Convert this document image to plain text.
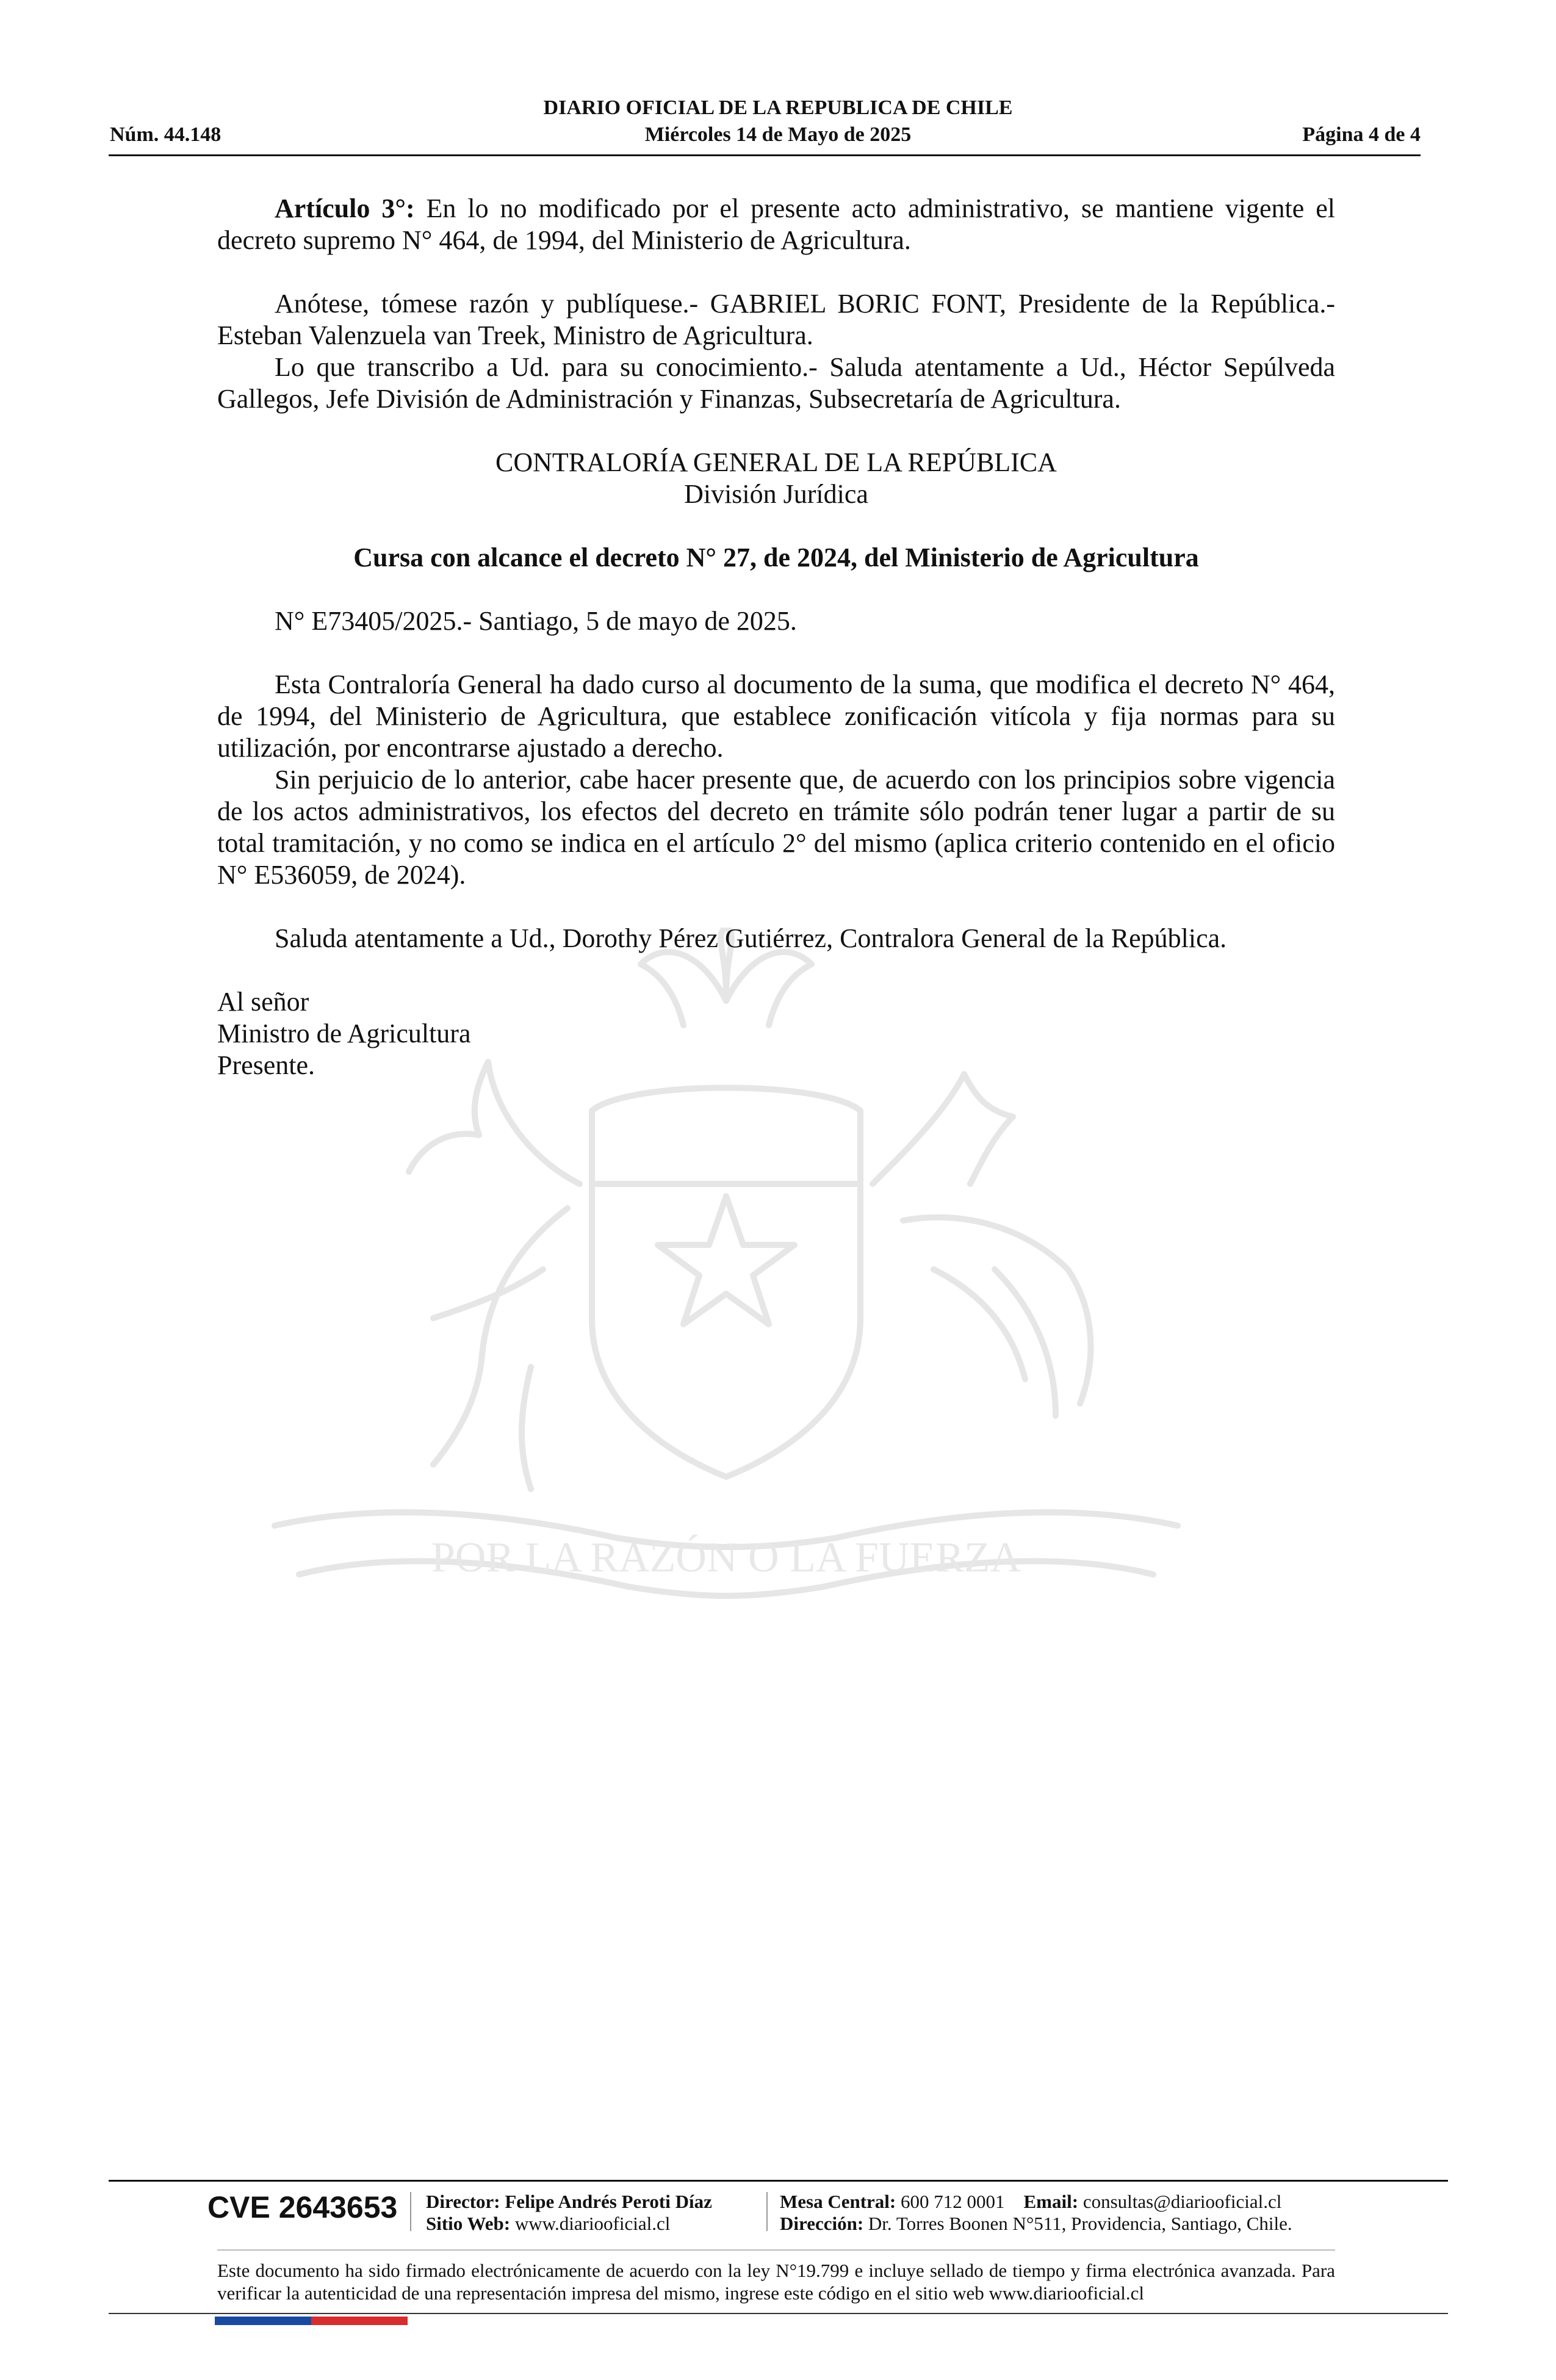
DIARIO OFICIAL DE LA REPUBLICA DE CHILE
Núm. 44.148	Miércoles 14 de Mayo de 2025	Página 4 de 4
POR LA RAZÓN O LA FUERZA

Artículo 3°: En lo no modificado por el presente acto administrativo, se mantiene vigente el decreto supremo N° 464, de 1994, del Ministerio de Agricultura.

Anótese, tómese razón y publíquese.- GABRIEL BORIC FONT, Presidente de la República.- Esteban Valenzuela van Treek, Ministro de Agricultura.

Lo que transcribo a Ud. para su conocimiento.- Saluda atentamente a Ud., Héctor Sepúlveda Gallegos, Jefe División de Administración y Finanzas, Subsecretaría de Agricultura.

CONTRALORÍA GENERAL DE LA REPÚBLICA

División Jurídica

Cursa con alcance el decreto N° 27, de 2024, del Ministerio de Agricultura

N° E73405/2025.- Santiago, 5 de mayo de 2025.

Esta Contraloría General ha dado curso al documento de la suma, que modifica el decreto N° 464, de 1994, del Ministerio de Agricultura, que establece zonificación vitícola y fija normas para su utilización, por encontrarse ajustado a derecho.

Sin perjuicio de lo anterior, cabe hacer presente que, de acuerdo con los principios sobre vigencia de los actos administrativos, los efectos del decreto en trámite sólo podrán tener lugar a partir de su total tramitación, y no como se indica en el artículo 2° del mismo (aplica criterio contenido en el oficio N° E536059, de 2024).

Saluda atentamente a Ud., Dorothy Pérez Gutiérrez, Contralora General de la República.

Al señor

Ministro de Agricultura

Presente.

CVE 2643653 Director: Felipe Andrés Peroti Díaz
Sitio Web: www.diariooficial.cl
Mesa Central: 600 712 0001 Email: consultas@diariooficial.cl
Dirección: Dr. Torres Boonen N°511, Providencia, Santiago, Chile.
Este documento ha sido firmado electrónicamente de acuerdo con la ley N°19.799 e incluye sellado de tiempo y firma electrónica avanzada. Para verificar la autenticidad de una representación impresa del mismo, ingrese este código en el sitio web www.diariooficial.cl
